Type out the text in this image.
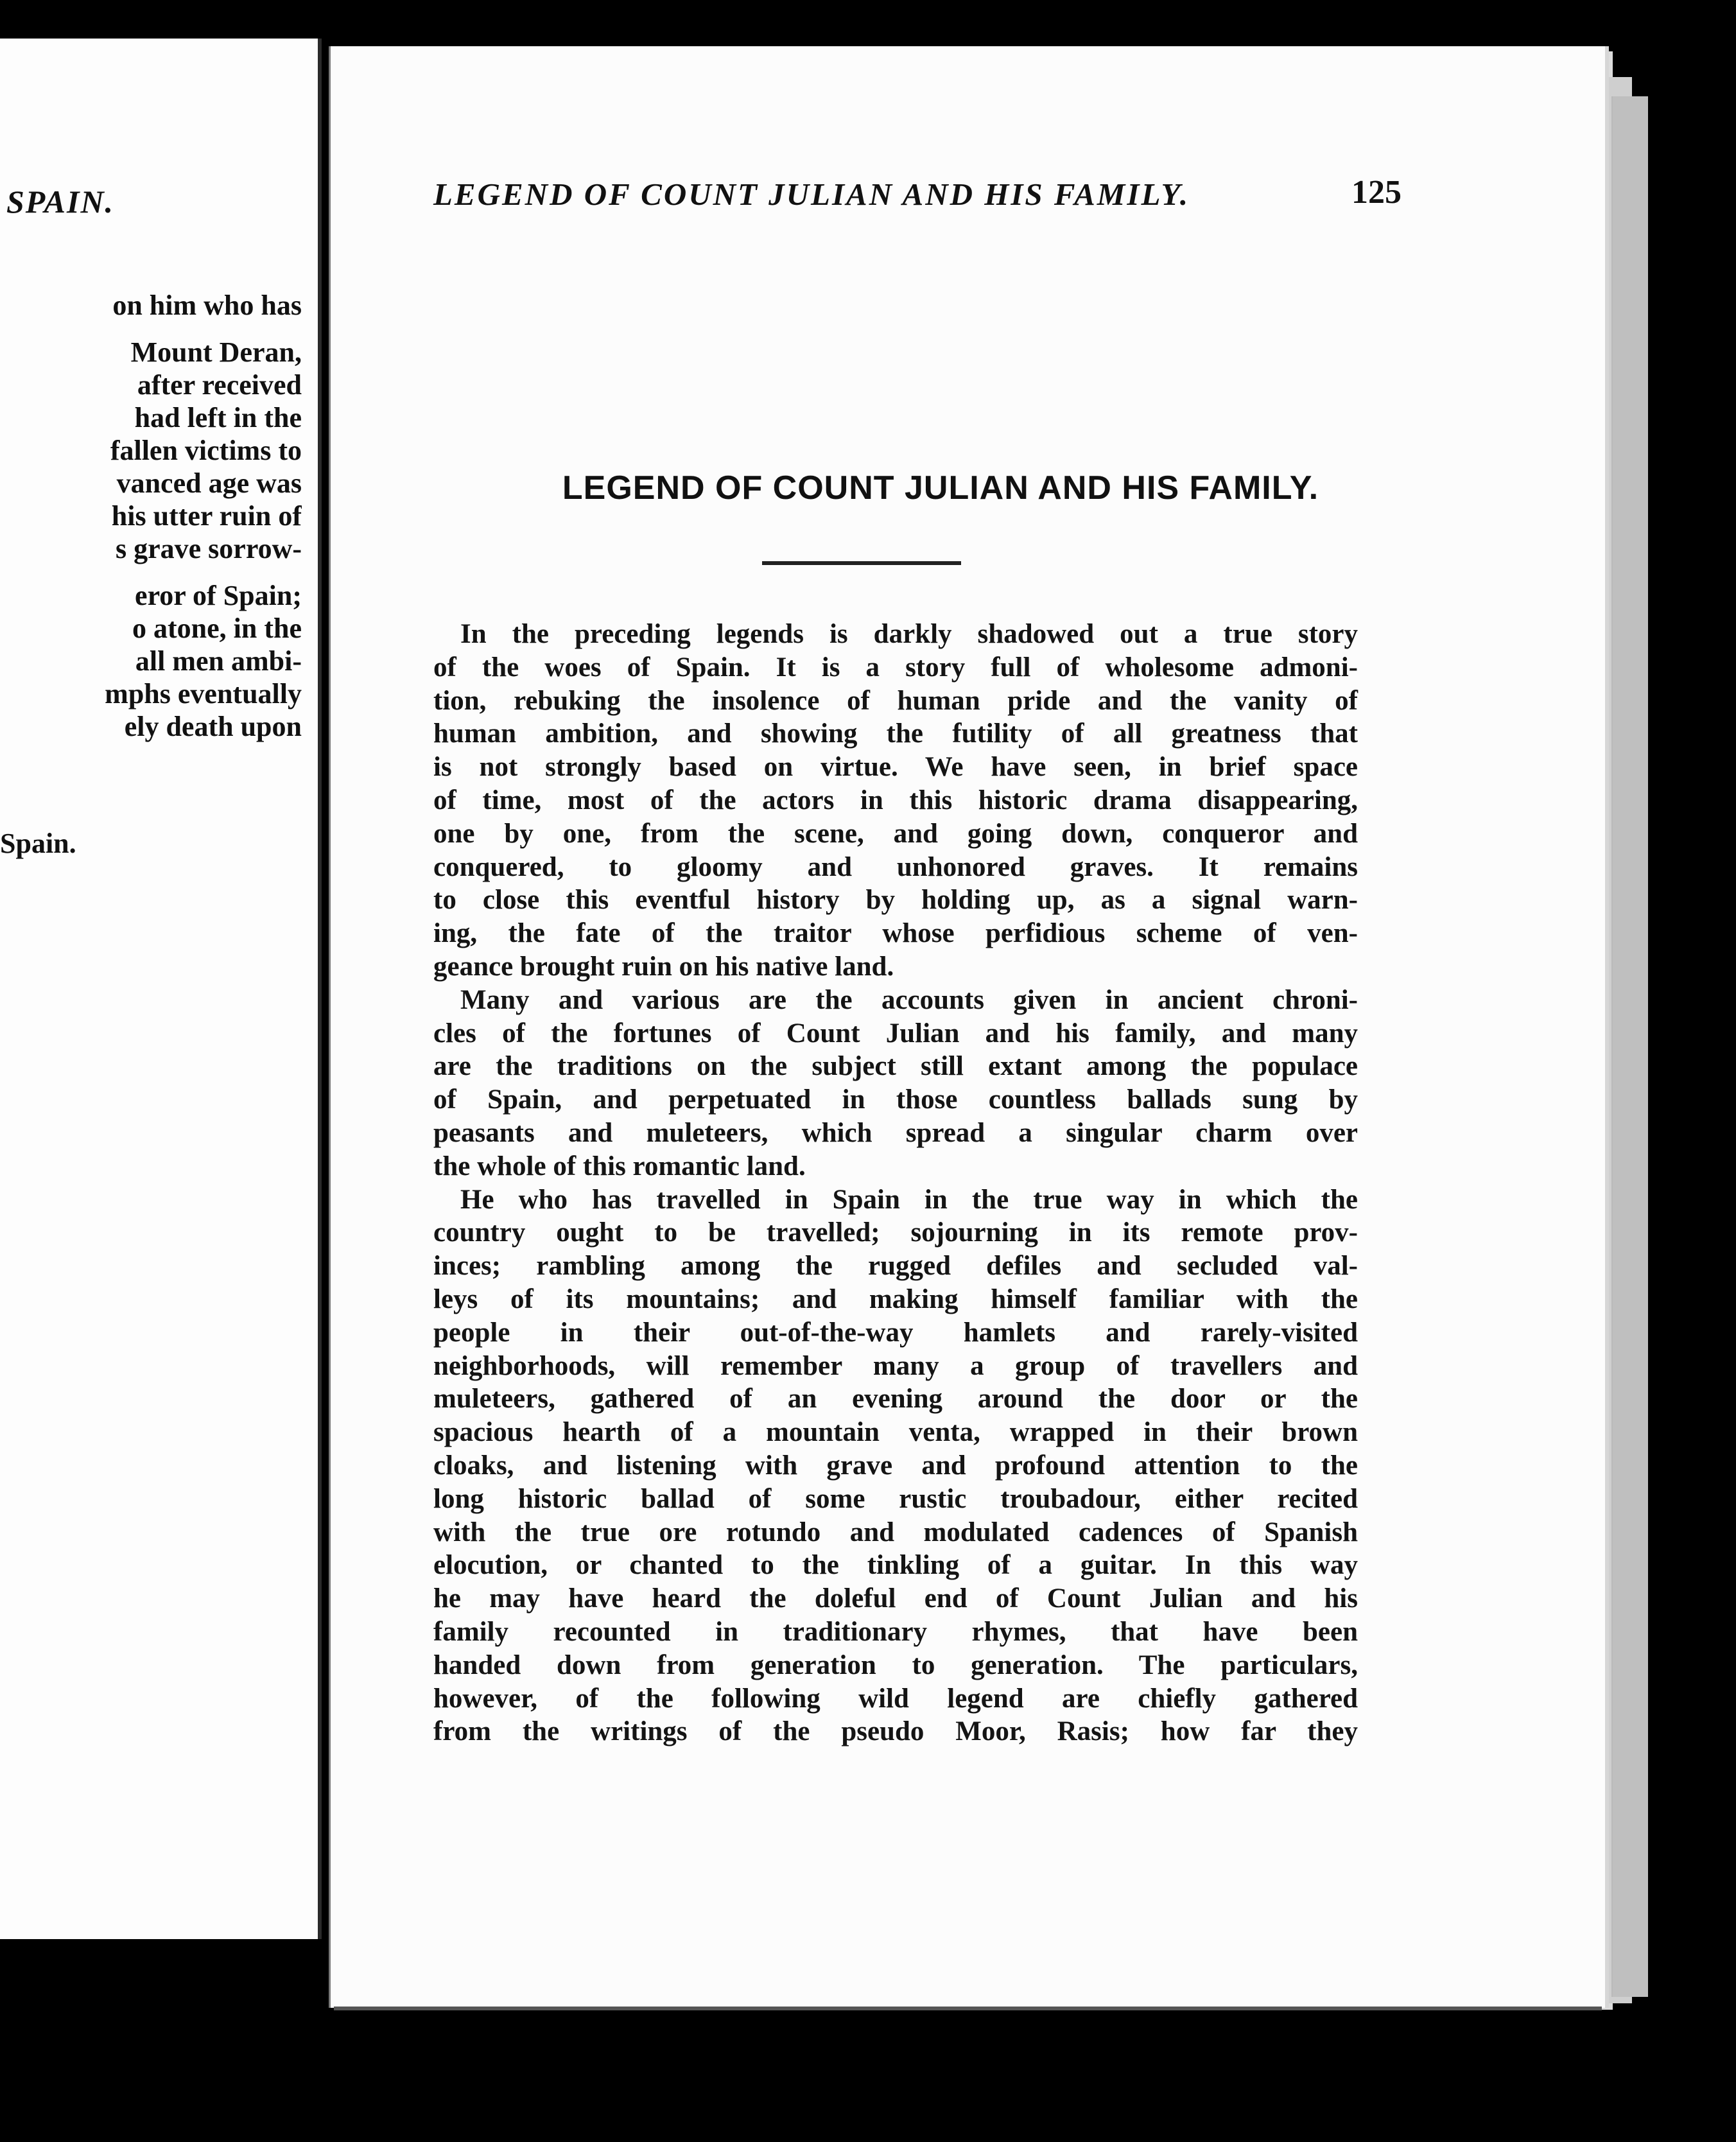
SPAIN.
on him who has
Mount Deran,
after received
had left in the
fallen victims to
vanced age was
his utter ruin of
s grave sorrow-
eror of Spain;
o atone, in the
all men ambi-
mphs eventually
ely death upon
Spain.
LEGEND OF COUNT JULIAN AND HIS FAMILY.	125
LEGEND OF COUNT JULIAN AND HIS FAMILY.
In the preceding legends is darkly shadowed out a true story
of the woes of Spain. It is a story full of wholesome admoni-
tion, rebuking the insolence of human pride and the vanity of
human ambition, and showing the futility of all greatness that
is not strongly based on virtue. We have seen, in brief space
of time, most of the actors in this historic drama disappearing,
one by one, from the scene, and going down, conqueror and
conquered, to gloomy and unhonored graves. It remains
to close this eventful history by holding up, as a signal warn-
ing, the fate of the traitor whose perfidious scheme of ven-
geance brought ruin on his native land.
Many and various are the accounts given in ancient chroni-
cles of the fortunes of Count Julian and his family, and many
are the traditions on the subject still extant among the populace
of Spain, and perpetuated in those countless ballads sung by
peasants and muleteers, which spread a singular charm over
the whole of this romantic land.
He who has travelled in Spain in the true way in which the
country ought to be travelled; sojourning in its remote prov-
inces; rambling among the rugged defiles and secluded val-
leys of its mountains; and making himself familiar with the
people in their out-of-the-way hamlets and rarely-visited
neighborhoods, will remember many a group of travellers and
muleteers, gathered of an evening around the door or the
spacious hearth of a mountain venta, wrapped in their brown
cloaks, and listening with grave and profound attention to the
long historic ballad of some rustic troubadour, either recited
with the true ore rotundo and modulated cadences of Spanish
elocution, or chanted to the tinkling of a guitar. In this way
he may have heard the doleful end of Count Julian and his
family recounted in traditionary rhymes, that have been
handed down from generation to generation. The particulars,
however, of the following wild legend are chiefly gathered
from the writings of the pseudo Moor, Rasis; how far they
